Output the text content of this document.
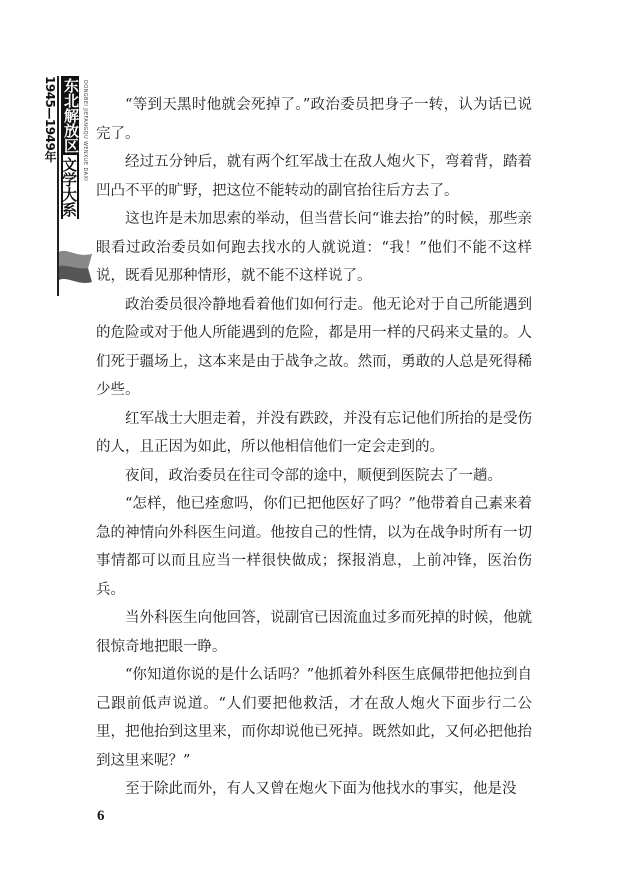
1945—1949年 东北解放区
文学大系
DONGBEI JIEFANGQU WENXUE DAXI	“等到天黑时他就会死掉了。”政治委员把身子一转，认为话已说完了。

经过五分钟后，就有两个红军战士在敌人炮火下，弯着背，踏着凹凸不平的旷野，把这位不能转动的副官抬往后方去了。

这也许是未加思索的举动，但当营长问“谁去抬”的时候，那些亲眼看过政治委员如何跑去找水的人就说道：“我！”他们不能不这样说，既看见那种情形，就不能不这样说了。

政治委员很冷静地看着他们如何行走。他无论对于自己所能遇到的危险或对于他人所能遇到的危险，都是用一样的尺码来丈量的。人们死于疆场上，这本来是由于战争之故。然而，勇敢的人总是死得稀少些。

红军战士大胆走着，并没有跌跤，并没有忘记他们所抬的是受伤的人，且正因为如此，所以他相信他们一定会走到的。

夜间，政治委员在往司令部的途中，顺便到医院去了一趟。

“怎样，他已痊愈吗，你们已把他医好了吗？”他带着自己素来着急的神情向外科医生问道。他按自己的性情，以为在战争时所有一切事情都可以而且应当一样很快做成；探报消息，上前冲锋，医治伤兵。

当外科医生向他回答，说副官已因流血过多而死掉的时候，他就很惊奇地把眼一睁。

“你知道你说的是什么话吗？”他抓着外科医生底佩带把他拉到自己跟前低声说道。“人们要把他救活，才在敌人炮火下面步行二公里，把他抬到这里来，而你却说他已死掉。既然如此，又何必把他抬到这里来呢？”

至于除此而外，有人又曾在炮火下面为他找水的事实，他是没

6
